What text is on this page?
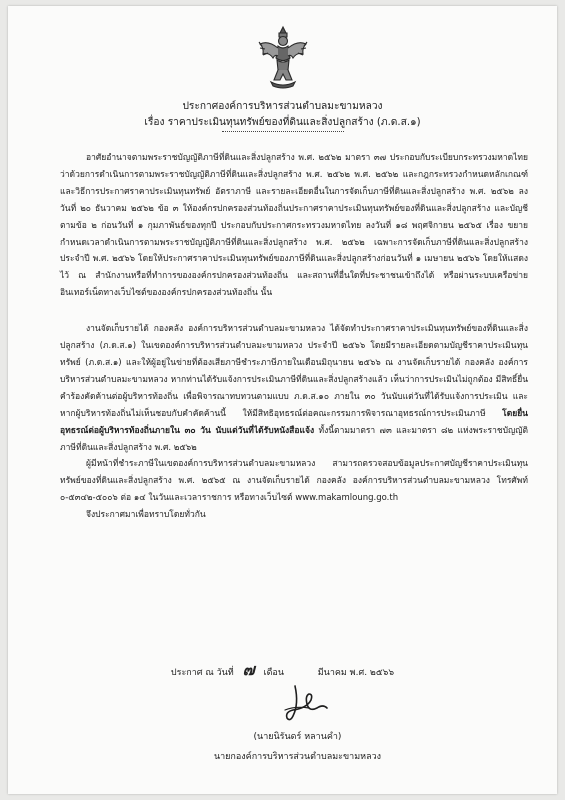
ประกาศองค์การบริหารส่วนตำบลมะขามหลวง
เรื่อง ราคาประเมินทุนทรัพย์ของที่ดินและสิ่งปลูกสร้าง (ภ.ด.ส.๑)

อาศัยอำนาจตามพระราชบัญญัติภาษีที่ดินและสิ่งปลูกสร้าง พ.ศ. ๒๕๖๒ มาตรา ๓๗ ประกอบกับระเบียบกระทรวงมหาดไทยว่าด้วยการดำเนินการตามพระราชบัญญัติภาษีที่ดินและสิ่งปลูกสร้าง พ.ศ. ๒๕๖๒ พ.ศ. ๒๕๖๒ และกฎกระทรวงกำหนดหลักเกณฑ์และวิธีการประกาศราคาประเมินทุนทรัพย์ อัตราภาษี และรายละเอียดอื่นในการจัดเก็บภาษีที่ดินและสิ่งปลูกสร้าง พ.ศ. ๒๕๖๒ ลงวันที่ ๒๐ ธันวาคม ๒๕๖๒ ข้อ ๓ ให้องค์กรปกครองส่วนท้องถิ่นประกาศราคาประเมินทุนทรัพย์ของที่ดินและสิ่งปลูกสร้าง และบัญชีตามข้อ ๒ ก่อนวันที่ ๑ กุมภาพันธ์ของทุกปี ประกอบกับประกาศกระทรวงมหาดไทย ลงวันที่ ๑๘ พฤศจิกายน ๒๕๖๕ เรื่อง ขยายกำหนดเวลาดำเนินการตามพระราชบัญญัติภาษีที่ดินและสิ่งปลูกสร้าง พ.ศ. ๒๕๖๒ เฉพาะการจัดเก็บภาษีที่ดินและสิ่งปลูกสร้าง ประจำปี พ.ศ. ๒๕๖๖ โดยให้ประกาศราคาประเมินทุนทรัพย์ของภาษีที่ดินและสิ่งปลูกสร้างก่อนวันที่ ๑ เมษายน ๒๕๖๖ โดยให้แสดงไว้ ณ สำนักงานหรือที่ทำการขององค์กรปกครองส่วนท้องถิ่น และสถานที่อื่นใดที่ประชาชนเข้าถึงได้ หรือผ่านระบบเครือข่ายอินเทอร์เน็ตทางเว็บไซต์ขององค์กรปกครองส่วนท้องถิ่น นั้น

งานจัดเก็บรายได้ กองคลัง องค์การบริหารส่วนตำบลมะขามหลวง ได้จัดทำประกาศราคาประเมินทุนทรัพย์ของที่ดินและสิ่งปลูกสร้าง (ภ.ด.ส.๑) ในเขตองค์การบริหารส่วนตำบลมะขามหลวง ประจำปี ๒๕๖๖ โดยมีรายละเอียดตามบัญชีราคาประเมินทุนทรัพย์ (ภ.ด.ส.๑) และให้ผู้อยู่ในข่ายที่ต้องเสียภาษีชำระภาษีภายในเดือนมิถุนายน ๒๕๖๖ ณ งานจัดเก็บรายได้ กองคลัง องค์การบริหารส่วนตำบลมะขามหลวง หากท่านได้รับแจ้งการประเมินภาษีที่ดินและสิ่งปลูกสร้างแล้ว เห็นว่าการประเมินไม่ถูกต้อง มีสิทธิ์ยื่นคำร้องคัดค้านต่อผู้บริหารท้องถิ่น เพื่อพิจารณาทบทวนตามแบบ ภ.ด.ส.๑๐ ภายใน ๓๐ วันนับแต่วันที่ได้รับแจ้งการประเมิน และหากผู้บริหารท้องถิ่นไม่เห็นชอบกับคำคัดค้านนี้ ให้มีสิทธิอุทธรณ์ต่อคณะกรรมการพิจารณาอุทธรณ์การประเมินภาษี โดยยื่นอุทธรณ์ต่อผู้บริหารท้องถิ่นภายใน ๓๐ วัน นับแต่วันที่ได้รับหนังสือแจ้ง ทั้งนี้ตามมาตรา ๗๓ และมาตรา ๘๒ แห่งพระราชบัญญัติภาษีที่ดินและสิ่งปลูกสร้าง พ.ศ. ๒๕๖๒

ผู้มีหน้าที่ชำระภาษีในเขตองค์การบริหารส่วนตำบลมะขามหลวง สามารถตรวจสอบข้อมูลประกาศบัญชีราคาประเมินทุนทรัพย์ของที่ดินและสิ่งปลูกสร้าง พ.ศ. ๒๕๖๕ ณ งานจัดเก็บรายได้ กองคลัง องค์การบริหารส่วนตำบลมะขามหลวง โทรศัพท์ ๐-๕๓๔๒-๕๐๐๖ ต่อ ๑๔ ในวันและเวลาราชการ หรือทางเว็บไซต์ www.makamloung.go.th

จึงประกาศมาเพื่อทราบโดยทั่วกัน

ประกาศ ณ วันที่ ๗ เดือน	มีนาคม พ.ศ. ๒๕๖๖
(นายนิรันดร์ หลานคำ)
นายกองค์การบริหารส่วนตำบลมะขามหลวง
